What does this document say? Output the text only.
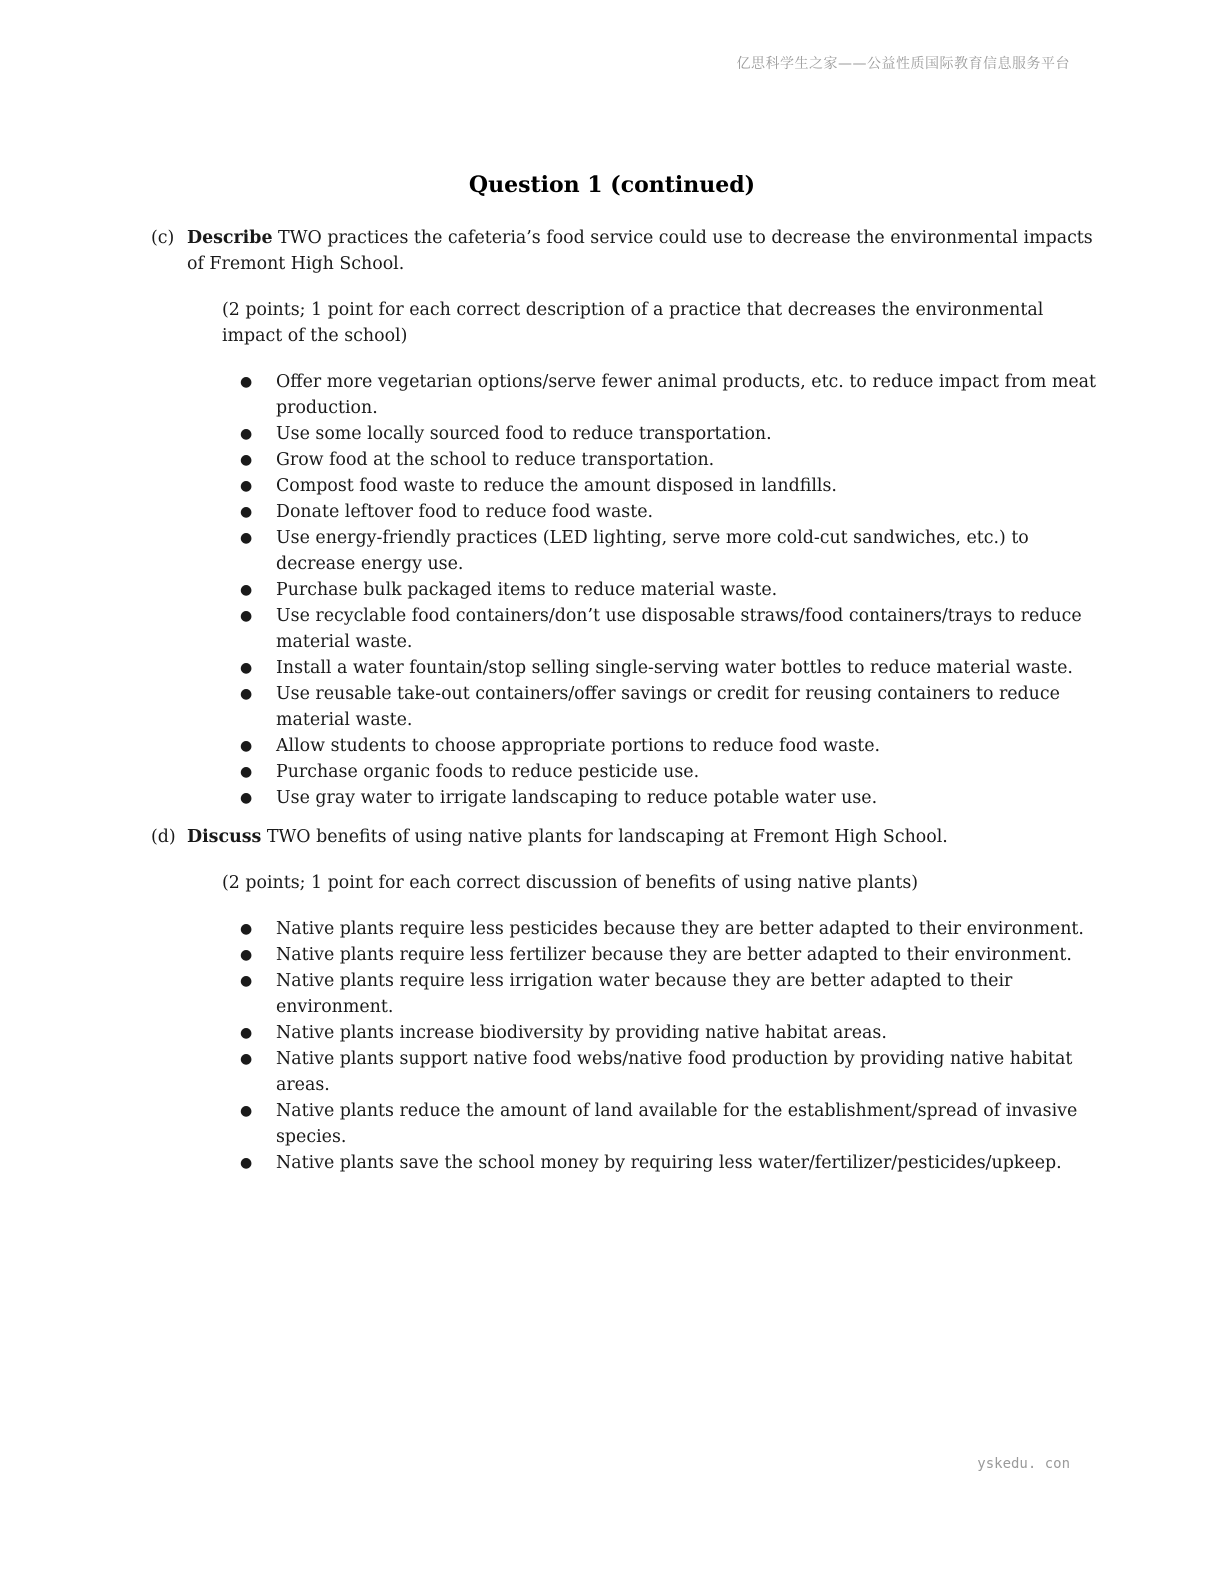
亿思科学生之家——公益性质国际教育信息服务平台
Question 1 (continued)
(c) Describe TWO practices the cafeteria’s food service could use to decrease the environmental impacts of Fremont High School.
(2 points; 1 point for each correct description of a practice that decreases the environmental impact of the school)
●	Offer more vegetarian options/serve fewer animal products, etc. to reduce impact from meat production.
●	Use some locally sourced food to reduce transportation.
●	Grow food at the school to reduce transportation.
●	Compost food waste to reduce the amount disposed in landfills.
●	Donate leftover food to reduce food waste.
●	Use energy-friendly practices (LED lighting, serve more cold-cut sandwiches, etc.) to decrease energy use.
●	Purchase bulk packaged items to reduce material waste.
●	Use recyclable food containers/don’t use disposable straws/food containers/trays to reduce material waste.
●	Install a water fountain/stop selling single-serving water bottles to reduce material waste.
●	Use reusable take-out containers/offer savings or credit for reusing containers to reduce material waste.
●	Allow students to choose appropriate portions to reduce food waste.
●	Purchase organic foods to reduce pesticide use.
●	Use gray water to irrigate landscaping to reduce potable water use.
(d) Discuss TWO benefits of using native plants for landscaping at Fremont High School.
(2 points; 1 point for each correct discussion of benefits of using native plants)
●	Native plants require less pesticides because they are better adapted to their environment.
●	Native plants require less fertilizer because they are better adapted to their environment.
●	Native plants require less irrigation water because they are better adapted to their environment.
●	Native plants increase biodiversity by providing native habitat areas.
●	Native plants support native food webs/native food production by providing native habitat areas.
●	Native plants reduce the amount of land available for the establishment/spread of invasive species.
●	Native plants save the school money by requiring less water/fertilizer/pesticides/upkeep.
yskedu. con
